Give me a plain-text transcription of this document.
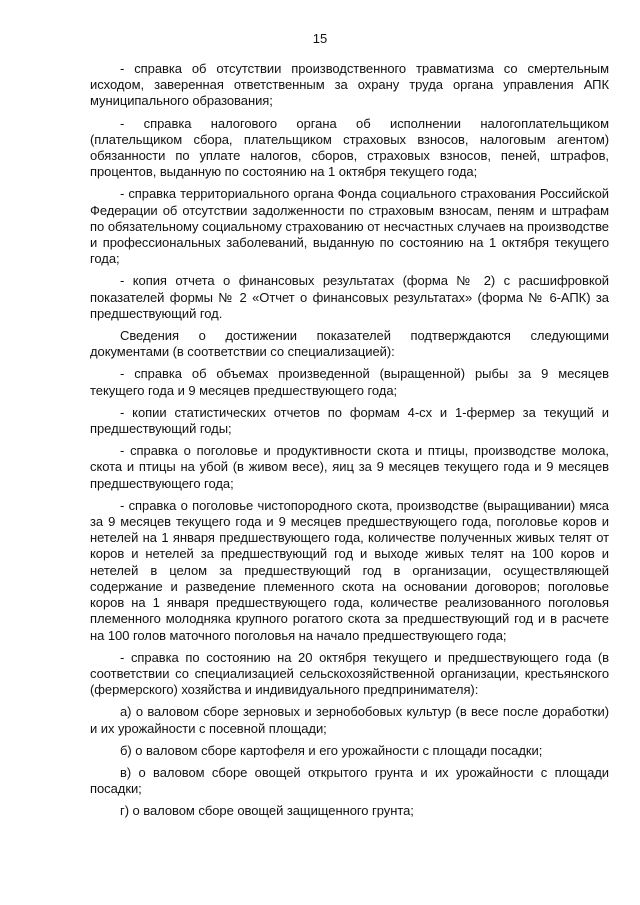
15

- справка об отсутствии производственного травматизма со смертельным исходом, заверенная ответственным за охрану труда органа управления АПК муниципального образования;

- справка налогового органа об исполнении налогоплательщиком (плательщиком сбора, плательщиком страховых взносов, налоговым агентом) обязанности по уплате налогов, сборов, страховых взносов, пеней, штрафов, процентов, выданную по состоянию на 1 октября текущего года;

- справка территориального органа Фонда социального страхования Российской Федерации об отсутствии задолженности по страховым взносам, пеням и штрафам по обязательному социальному страхованию от несчастных случаев на производстве и профессиональных заболеваний, выданную по состоянию на 1 октября текущего года;

- копия отчета о финансовых результатах (форма № 2) с расшифровкой показателей формы № 2 «Отчет о финансовых результатах» (форма № 6-АПК) за предшествующий год.

Сведения о достижении показателей подтверждаются следующими документами (в соответствии со специализацией):

- справка об объемах произведенной (выращенной) рыбы за 9 месяцев текущего года и 9 месяцев предшествующего года;

- копии статистических отчетов по формам 4-сх и 1-фермер за текущий и предшествующий годы;

- справка о поголовье и продуктивности скота и птицы, производстве молока, скота и птицы на убой (в живом весе), яиц за 9 месяцев текущего года и 9 месяцев предшествующего года;

- справка о поголовье чистопородного скота, производстве (выращивании) мяса за 9 месяцев текущего года и 9 месяцев предшествующего года, поголовье коров и нетелей на 1 января предшествующего года, количестве полученных живых телят от коров и нетелей за предшествующий год и выходе живых телят на 100 коров и нетелей в целом за предшествующий год в организации, осуществляющей содержание и разведение племенного скота на основании договоров; поголовье коров на 1 января предшествующего года, количестве реализованного поголовья племенного молодняка крупного рогатого скота за предшествующий год и в расчете на 100 голов маточного поголовья на начало предшествующего года;

- справка по состоянию на 20 октября текущего и предшествующего года (в соответствии со специализацией сельскохозяйственной организации, крестьянского (фермерского) хозяйства и индивидуального предпринимателя):

а) о валовом сборе зерновых и зернобобовых культур (в весе после доработки) и их урожайности с посевной площади;

б) о валовом сборе картофеля и его урожайности с площади посадки;

в) о валовом сборе овощей открытого грунта и их урожайности с площади посадки;

г) о валовом сборе овощей защищенного грунта;
